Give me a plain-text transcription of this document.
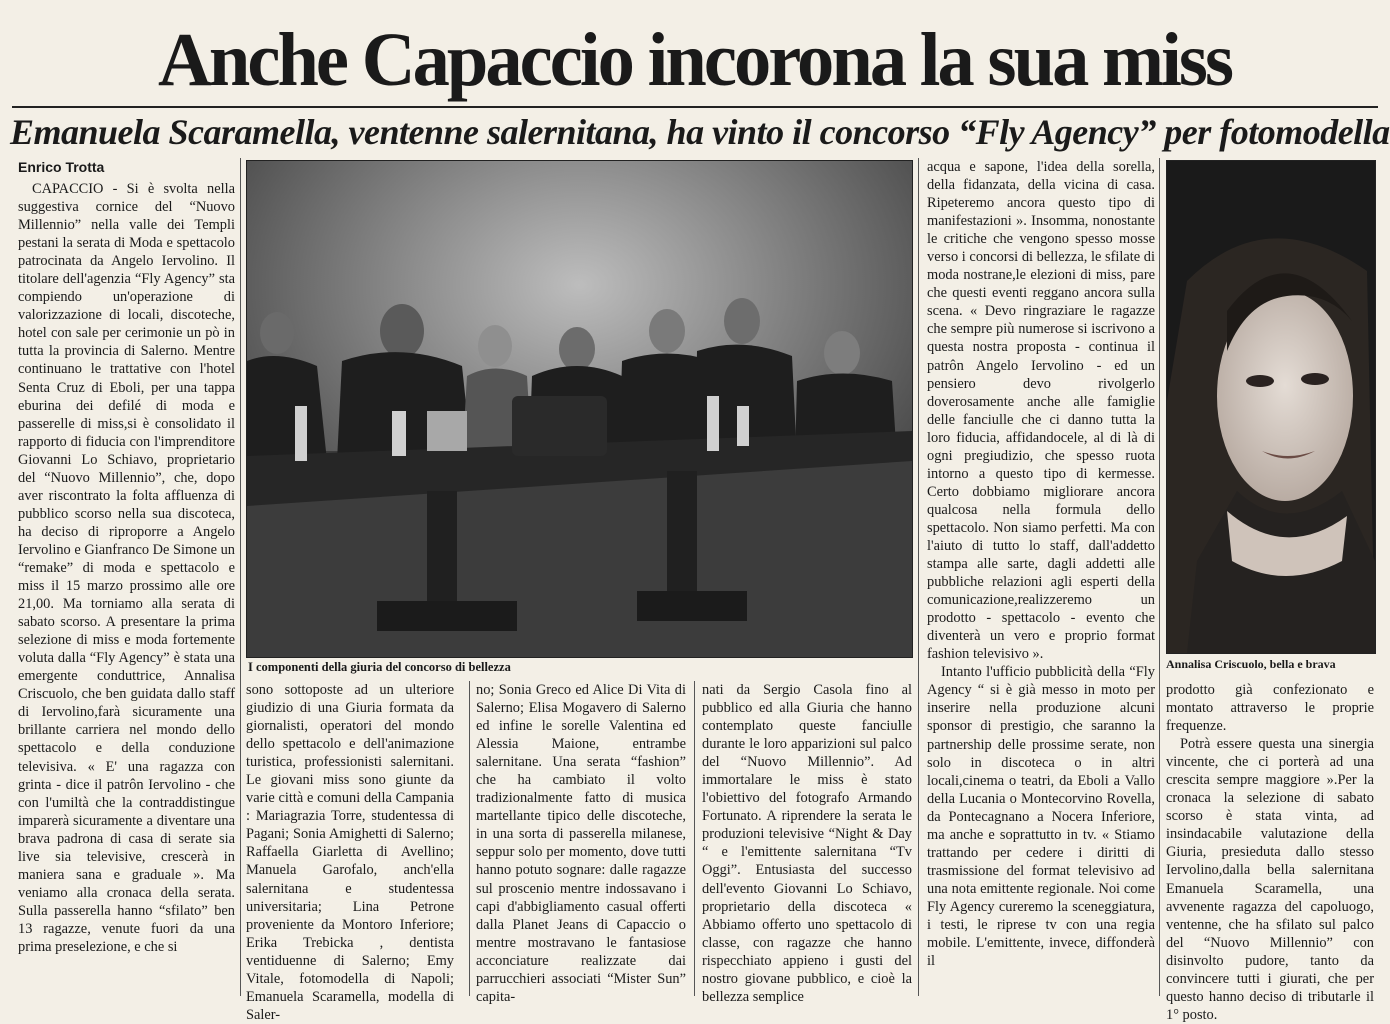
Anche Capaccio incorona la sua miss
Emanuela Scaramella, ventenne salernitana, ha vinto il concorso “Fly Agency” per fotomodella
Enrico Trotta

CAPACCIO - Si è svolta nella suggestiva cornice del “Nuovo Millennio” nella valle dei Templi pestani la serata di Moda e spettacolo patrocinata da Angelo Iervolino. Il titolare dell'agenzia “Fly Agency” sta compiendo un'operazione di valorizzazione di locali, discoteche, hotel con sale per cerimonie un pò in tutta la provincia di Salerno. Mentre continuano le trattative con l'hotel Senta Cruz di Eboli, per una tappa eburina dei defilé di moda e passerelle di miss,si è consolidato il rapporto di fiducia con l'imprenditore Giovanni Lo Schiavo, proprietario del “Nuovo Millennio”, che, dopo aver riscontrato la folta affluenza di pubblico scorso nella sua discoteca, ha deciso di riproporre a Angelo Iervolino e Gianfranco De Simone un “remake” di moda e spettacolo e miss il 15 marzo prossimo alle ore 21,00. Ma torniamo alla serata di sabato scorso. A presentare la prima selezione di miss e moda fortemente voluta dalla “Fly Agency” è stata una emergente conduttrice, Annalisa Criscuolo, che ben guidata dallo staff di Iervolino,farà sicuramente una brillante carriera nel mondo dello spettacolo e della conduzione televisiva. « E' una ragazza con grinta - dice il patrôn Iervolino - che con l'umiltà che la contraddistingue imparerà sicuramente a diventare una brava padrona di casa di serate sia live sia televisive, crescerà in maniera sana e graduale ». Ma veniamo alla cronaca della serata. Sulla passerella hanno “sfilato” ben 13 ragazze, venute fuori da una prima preselezione, e che si

I componenti della giuria del concorso di bellezza

sono sottoposte ad un ulteriore giudizio di una Giuria formata da giornalisti, operatori del mondo dello spettacolo e dell'animazione turistica, professionisti salernitani. Le giovani miss sono giunte da varie città e comuni della Campania : Mariagrazia Torre, studentessa di Pagani; Sonia Amighetti di Salerno; Raffaella Giarletta di Avellino; Manuela Garofalo, anch'ella salernitana e studentessa universitaria; Lina Petrone proveniente da Montoro Inferiore; Erika Trebicka , dentista ventiduenne di Salerno; Emy Vitale, fotomodella di Napoli; Emanuela Scaramella, modella di Saler-

no; Sonia Greco ed Alice Di Vita di Salerno; Elisa Mogavero di Salerno ed infine le sorelle Valentina ed Alessia Maione, entrambe salernitane. Una serata “fashion” che ha cambiato il volto tradizionalmente fatto di musica martellante tipico delle discoteche, in una sorta di passerella milanese, seppur solo per momento, dove tutti hanno potuto sognare: dalle ragazze sul proscenio mentre indossavano i capi d'abbigliamento casual offerti dalla Planet Jeans di Capaccio o mentre mostravano le fantasiose acconciature realizzate dai parrucchieri associati “Mister Sun” capita-

nati da Sergio Casola fino al pubblico ed alla Giuria che hanno contemplato queste fanciulle durante le loro apparizioni sul palco del “Nuovo Millennio”. Ad immortalare le miss è stato l'obiettivo del fotografo Armando Fortunato. A riprendere la serata le produzioni televisive “Night & Day “ e l'emittente salernitana “Tv Oggi”. Entusiasta del successo dell'evento Giovanni Lo Schiavo, proprietario della discoteca « Abbiamo offerto uno spettacolo di classe, con ragazze che hanno rispecchiato appieno i gusti del nostro giovane pubblico, e cioè la bellezza semplice

acqua e sapone, l'idea della sorella, della fidanzata, della vicina di casa. Ripeteremo ancora questo tipo di manifestazioni ». Insomma, nonostante le critiche che vengono spesso mosse verso i concorsi di bellezza, le sfilate di moda nostrane,le elezioni di miss, pare che questi eventi reggano ancora sulla scena. « Devo ringraziare le ragazze che sempre più numerose si iscrivono a questa nostra proposta - continua il patrôn Angelo Iervolino - ed un pensiero devo rivolgerlo doverosamente anche alle famiglie delle fanciulle che ci danno tutta la loro fiducia, affidandocele, al di là di ogni pregiudizio, che spesso ruota intorno a questo tipo di kermesse. Certo dobbiamo migliorare ancora qualcosa nella formula dello spettacolo. Non siamo perfetti. Ma con l'aiuto di tutto lo staff, dall'addetto stampa alle sarte, dagli addetti alle pubbliche relazioni agli esperti della comunicazione,realizzeremo un prodotto - spettacolo - evento che diventerà un vero e proprio format fashion televisivo ».

Intanto l'ufficio pubblicità della “Fly Agency “ si è già messo in moto per inserire nella produzione alcuni sponsor di prestigio, che saranno la partnership delle prossime serate, non solo in discoteca o in altri locali,cinema o teatri, da Eboli a Vallo della Lucania o Montecorvino Rovella, da Pontecagnano a Nocera Inferiore, ma anche e soprattutto in tv. « Stiamo trattando per cedere i diritti di trasmissione del format televisivo ad una nota emittente regionale. Noi come Fly Agency cureremo la sceneggiatura, i testi, le riprese tv con una regia mobile. L'emittente, invece, diffonderà il

Annalisa Criscuolo, bella e brava

prodotto già confezionato e montato attraverso le proprie frequenze.

Potrà essere questa una sinergia vincente, che ci porterà ad una crescita sempre maggiore ».Per la cronaca la selezione di sabato scorso è stata vinta, ad insindacabile valutazione della Giuria, presieduta dallo stesso Iervolino,dalla bella salernitana Emanuela Scaramella, una avvenente ragazza del capoluogo, ventenne, che ha sfilato sul palco del “Nuovo Millennio” con disinvolto pudore, tanto da convincere tutti i giurati, che per questo hanno deciso di tributarle il 1° posto.
